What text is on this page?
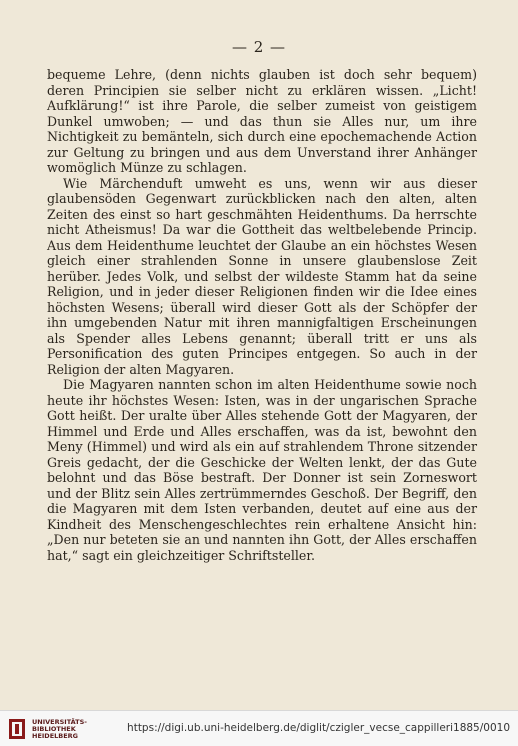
— 2 —

bequeme Lehre, (denn nichts glauben ist doch sehr bequem) deren Principien sie selber nicht zu erklären wissen. „Licht! Aufklärung!“ ist ihre Parole, die selber zumeist von geistigem Dunkel umwoben; — und das thun sie Alles nur, um ihre Nichtigkeit zu bemänteln, sich durch eine epochemachende Action zur Geltung zu bringen und aus dem Unverstand ihrer Anhänger womöglich Münze zu schlagen.

Wie Märchenduft umweht es uns, wenn wir aus dieser glaubensöden Gegenwart zurückblicken nach den alten, alten Zeiten des einst so hart geschmähten Heidenthums. Da herrschte nicht Atheismus! Da war die Gottheit das weltbelebende Princip. Aus dem Heidenthume leuchtet der Glaube an ein höchstes Wesen gleich einer strahlenden Sonne in unsere glaubenslose Zeit herüber. Jedes Volk, und selbst der wildeste Stamm hat da seine Religion, und in jeder dieser Religionen finden wir die Idee eines höchsten Wesens; überall wird dieser Gott als der Schöpfer der ihn umgebenden Natur mit ihren mannigfaltigen Erscheinungen als Spender alles Lebens genannt; überall tritt er uns als Personification des guten Principes entgegen. So auch in der Religion der alten Magyaren.

Die Magyaren nannten schon im alten Heidenthume sowie noch heute ihr höchstes Wesen: Isten, was in der ungarischen Sprache Gott heißt. Der uralte über Alles stehende Gott der Magyaren, der Himmel und Erde und Alles erschaffen, was da ist, bewohnt den Meny (Himmel) und wird als ein auf strahlendem Throne sitzender Greis gedacht, der die Geschicke der Welten lenkt, der das Gute belohnt und das Böse bestraft. Der Donner ist sein Zorneswort und der Blitz sein Alles zertrümmerndes Geschoß. Der Begriff, den die Magyaren mit dem Isten verbanden, deutet auf eine aus der Kindheit des Menschengeschlechtes rein erhaltene Ansicht hin: „Den nur beteten sie an und nannten ihn Gott, der Alles erschaffen hat,“ sagt ein gleichzeitiger Schriftsteller.

UNIVERSITÄTS-
BIBLIOTHEK
HEIDELBERG
https://digi.ub.uni-heidelberg.de/diglit/czigler_vecse_cappilleri1885/0010
